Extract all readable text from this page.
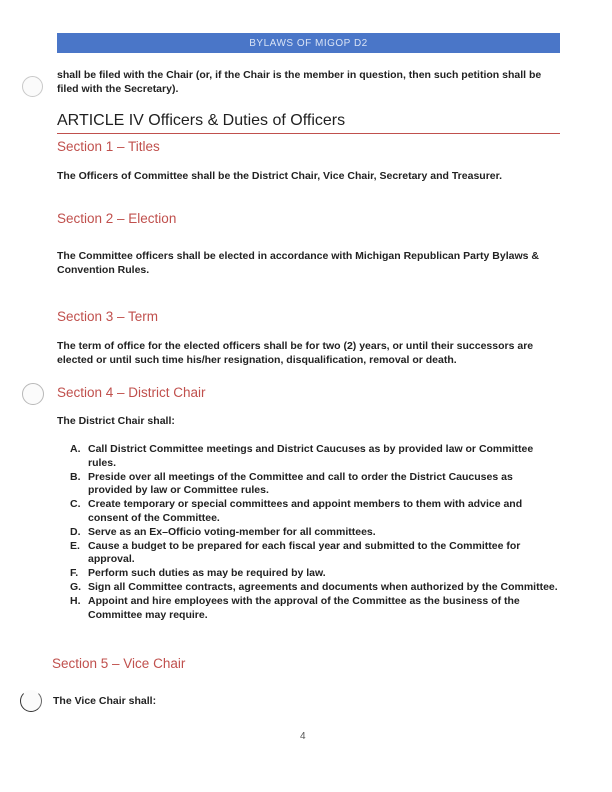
BYLAWS OF MIGOP D2
shall be filed with the Chair (or, if the Chair is the member in question, then such petition shall be filed with the Secretary).
ARTICLE IV Officers & Duties of Officers
Section 1 – Titles
The Officers of Committee shall be the District Chair, Vice Chair, Secretary and Treasurer.
Section 2 – Election
The Committee officers shall be elected in accordance with Michigan Republican Party Bylaws & Convention Rules.
Section 3 – Term
The term of office for the elected officers shall be for two (2) years, or until their successors are elected or until such time his/her resignation, disqualification, removal or death.
Section 4 – District Chair
The District Chair shall:
A. Call District Committee meetings and District Caucuses as by provided law or Committee rules.
B. Preside over all meetings of the Committee and call to order the District Caucuses as provided by law or Committee rules.
C. Create temporary or special committees and appoint members to them with advice and consent of the Committee.
D. Serve as an Ex–Officio voting-member for all committees.
E. Cause a budget to be prepared for each fiscal year and submitted to the Committee for approval.
F. Perform such duties as may be required by law.
G. Sign all Committee contracts, agreements and documents when authorized by the Committee.
H. Appoint and hire employees with the approval of the Committee as the business of the Committee may require.
Section 5 – Vice Chair
The Vice Chair shall:
4
